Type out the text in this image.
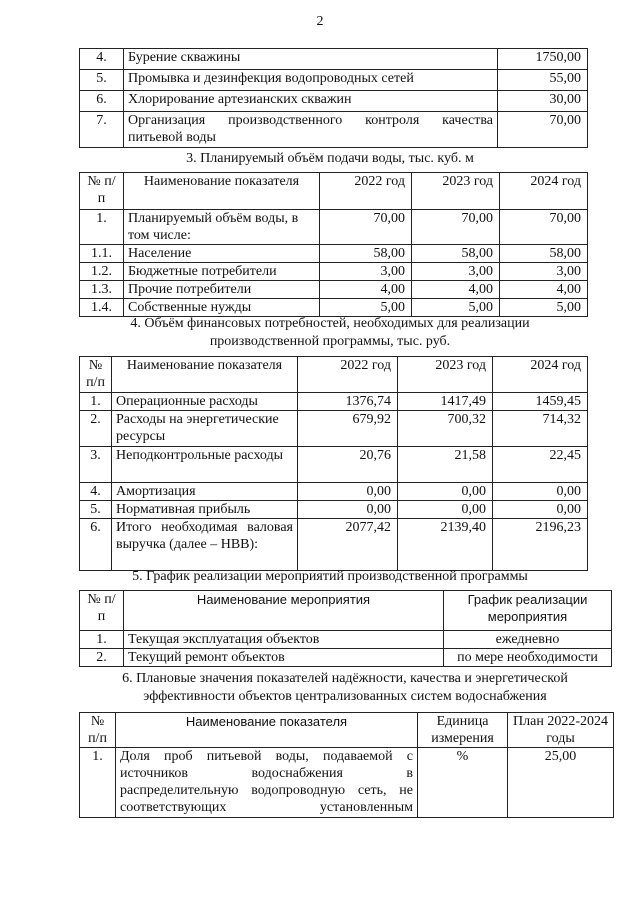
2
4.	Бурение скважины	1750,00
5.	Промывка и дезинфекция водопроводных сетей	55,00
6.	Хлорирование артезианских скважин	30,00
7.	Организация производственного контроля качества питьевой воды	70,00
3. Планируемый объём подачи воды, тыс. куб. м
№ п/п	Наименование показателя	2022 год	2023 год	2024 год
1.	Планируемый объём воды, в том числе:	70,00	70,00	70,00
1.1.	Население	58,00	58,00	58,00
1.2.	Бюджетные потребители	3,00	3,00	3,00
1.3.	Прочие потребители	4,00	4,00	4,00
1.4.	Собственные нужды	5,00	5,00	5,00
4. Объём финансовых потребностей, необходимых для реализации
производственной программы, тыс. руб.
№ п/п	Наименование показателя	2022 год	2023 год	2024 год
1.	Операционные расходы	1376,74	1417,49	1459,45
2.	Расходы на энергетические ресурсы	679,92	700,32	714,32
3.	Неподконтрольные расходы	20,76	21,58	22,45
4.	Амортизация	0,00	0,00	0,00
5.	Нормативная прибыль	0,00	0,00	0,00
6.	Итого необходимая валовая выручка (далее – НВВ):	2077,42	2139,40	2196,23
5. График реализации мероприятий производственной программы
№ п/п	Наименование мероприятия	График реализации мероприятия
1.	Текущая эксплуатация объектов	ежедневно
2.	Текущий ремонт объектов	по мере необходимости
6. Плановые значения показателей надёжности, качества и энергетической
эффективности объектов централизованных систем водоснабжения
№ п/п	Наименование показателя	Единица измерения	План 2022-2024 годы
1.	Доля проб питьевой воды, подаваемой с источников водоснабжения в распределительную водопроводную сеть, не соответствующих установленным	%	25,00
